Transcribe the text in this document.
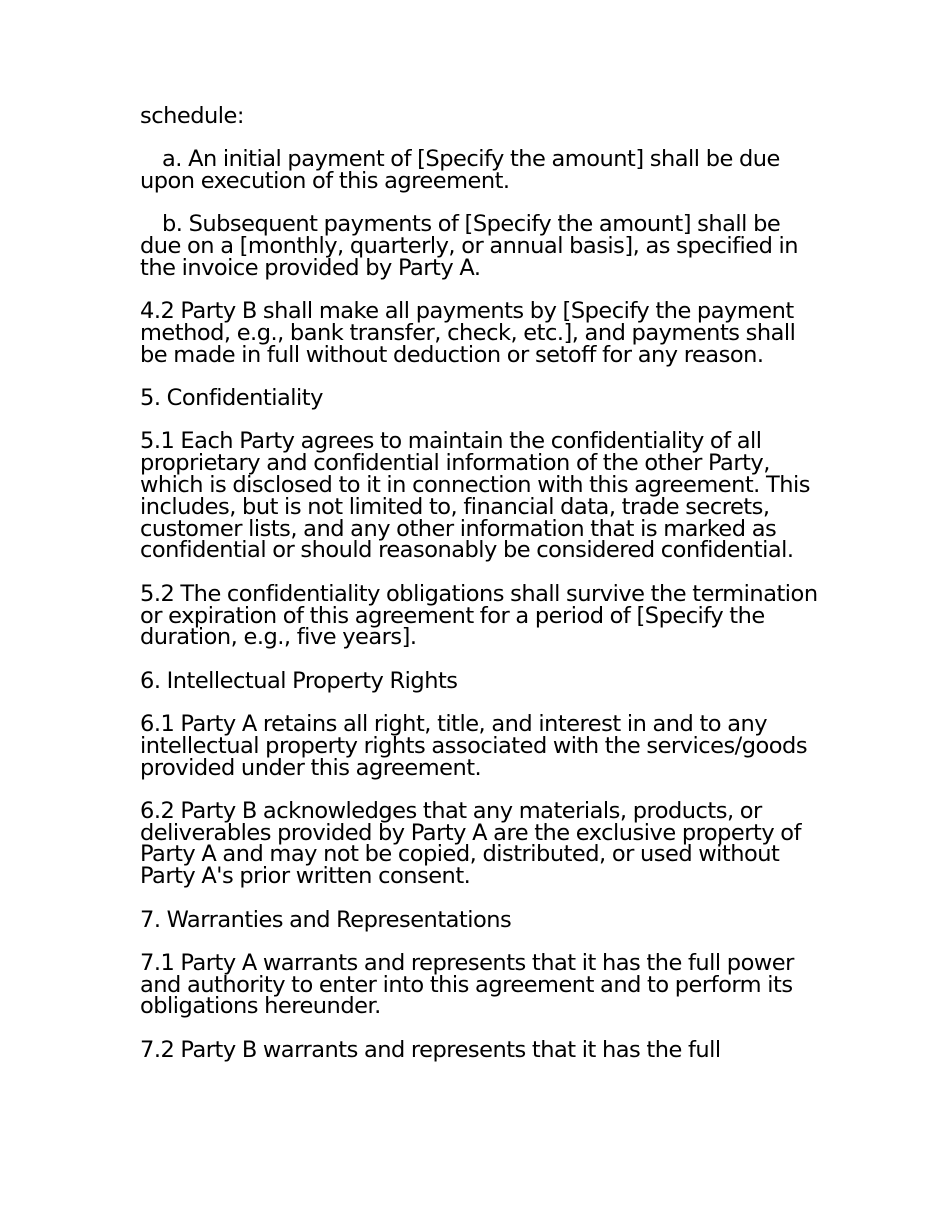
schedule:

a. An initial payment of [Specify the amount] shall be due upon execution of this agreement.

b. Subsequent payments of [Specify the amount] shall be due on a [monthly, quarterly, or annual basis], as specified in the invoice provided by Party A.

4.2 Party B shall make all payments by [Specify the payment method, e.g., bank transfer, check, etc.], and payments shall be made in full without deduction or setoff for any reason.

5. Confidentiality

5.1 Each Party agrees to maintain the confidentiality of all proprietary and confidential information of the other Party, which is disclosed to it in connection with this agreement. This includes, but is not limited to, financial data, trade secrets, customer lists, and any other information that is marked as confidential or should reasonably be considered confidential.

5.2 The confidentiality obligations shall survive the termination or expiration of this agreement for a period of [Specify the duration, e.g., five years].

6. Intellectual Property Rights

6.1 Party A retains all right, title, and interest in and to any intellectual property rights associated with the services/goods provided under this agreement.

6.2 Party B acknowledges that any materials, products, or deliverables provided by Party A are the exclusive property of Party A and may not be copied, distributed, or used without Party A's prior written consent.

7. Warranties and Representations

7.1 Party A warrants and represents that it has the full power and authority to enter into this agreement and to perform its obligations hereunder.

7.2 Party B warrants and represents that it has the full
